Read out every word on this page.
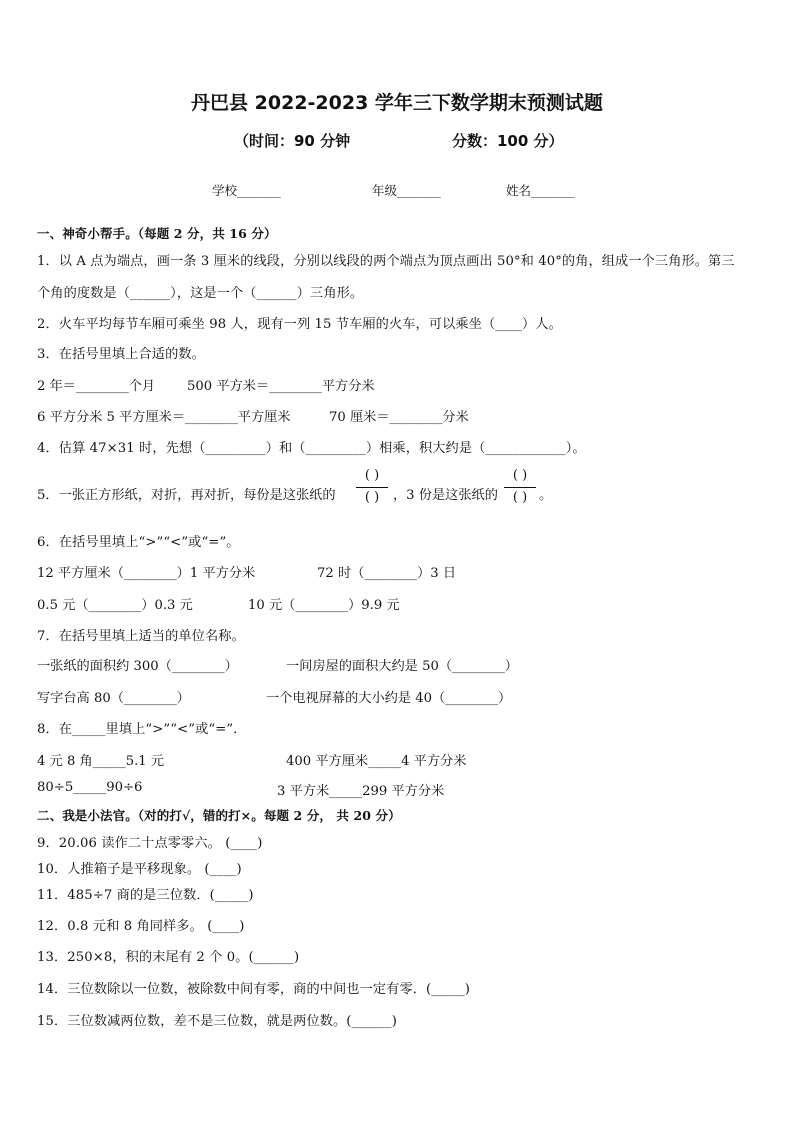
丹巴县 2022-2023 学年三下数学期末预测试题
（时间：90 分钟	分数：100 分）
学校_______	年级_______	姓名_______
一、神奇小帮手。（每题 2 分，共 16 分）
1．以 A 点为端点，画一条 3 厘米的线段，分别以线段的两个端点为顶点画出 50°和 40°的角，组成一个三角形。第三
个角的度数是（______），这是一个（______）三角形。
2．火车平均每节车厢可乘坐 98 人，现有一列 15 节车厢的火车，可以乘坐（____）人。
3．在括号里填上合适的数。
2 年＝________个月 500 平方米＝________平方分米
6 平方分米 5 平方厘米＝________平方厘米	70 厘米＝________分米
4．估算 47×31 时，先想（_________）和（_________）相乘，积大约是（____________）。
5．一张正方形纸，对折，再对折，每份是这张纸的
( )
( )	，3 份是这张纸的
( )
( ) 。
6．在括号里填上“>”“<”或“=”。
12 平方厘米（________）1 平方分米	72 时（________）3 日
0.5 元（________）0.3 元	10 元（________）9.9 元
7．在括号里填上适当的单位名称。
一张纸的面积约 300（________）	一间房屋的面积大约是 50（________）
写字台高 80（________）	一个电视屏幕的大小约是 40（________）
8．在_____里填上“>”“<”或“=”．
4 元 8 角_____5.1 元	400 平方厘米_____4 平方分米
80÷5_____90÷6	3 平方米_____299 平方分米
二、我是小法官。（对的打√，错的打×。每题 2 分， 共 20 分）
9．20.06 读作二十点零零六。 (____)
10．人推箱子是平移现象。 (____)
11．485÷7 商的是三位数．(_____)
12．0.8 元和 8 角同样多。 (____)
13．250×8，积的末尾有 2 个 0。(______)
14．三位数除以一位数，被除数中间有零，商的中间也一定有零．(_____)
15．三位数减两位数，差不是三位数，就是两位数。(______)
